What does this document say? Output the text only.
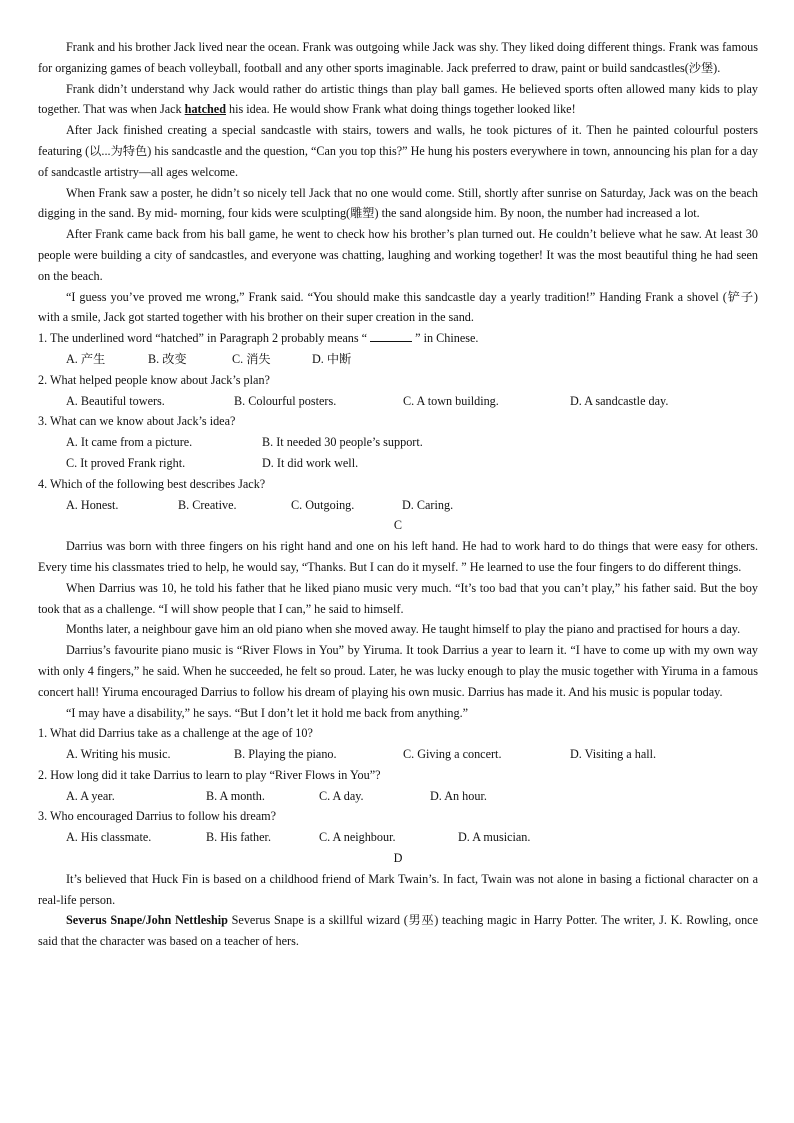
Frank and his brother Jack lived near the ocean. Frank was outgoing while Jack was shy. They liked doing different things. Frank was famous for organizing games of beach volleyball, football and any other sports imaginable. Jack preferred to draw, paint or build sandcastles(沙堡).

Frank didn’t understand why Jack would rather do artistic things than play ball games. He believed sports often allowed many kids to play together. That was when Jack hatched his idea. He would show Frank what doing things together looked like!

After Jack finished creating a special sandcastle with stairs, towers and walls, he took pictures of it. Then he painted colourful posters featuring (以...为特色) his sandcastle and the question, “Can you top this?” He hung his posters everywhere in town, announcing his plan for a day of sandcastle artistry—all ages welcome.

When Frank saw a poster, he didn’t so nicely tell Jack that no one would come. Still, shortly after sunrise on Saturday, Jack was on the beach digging in the sand. By mid- morning, four kids were sculpting(雕塑) the sand alongside him. By noon, the number had increased a lot.

After Frank came back from his ball game, he went to check how his brother’s plan turned out. He couldn’t believe what he saw. At least 30 people were building a city of sandcastles, and everyone was chatting, laughing and working together! It was the most beautiful thing he had seen on the beach.

“I guess you’ve proved me wrong,” Frank said. “You should make this sandcastle day a yearly tradition!” Handing Frank a shovel (铲子) with a smile, Jack got started together with his brother on their super creation in the sand.

1. The underlined word “hatched” in Paragraph 2 probably means “	” in Chinese.

A. 产生	B. 改变	C. 消失	D. 中断

2. What helped people know about Jack’s plan?

A. Beautiful towers.	B. Colourful posters.	C. A town building.	D. A sandcastle day.

3. What can we know about Jack’s idea?

A. It came from a picture.	B. It needed 30 people’s support.
C. It proved Frank right.	D. It did work well.

4. Which of the following best describes Jack?

A. Honest.	B. Creative.	C. Outgoing.	D. Caring.

C

Darrius was born with three fingers on his right hand and one on his left hand. He had to work hard to do things that were easy for others. Every time his classmates tried to help, he would say, “Thanks. But I can do it myself. ” He learned to use the four fingers to do different things.

When Darrius was 10, he told his father that he liked piano music very much. “It’s too bad that you can’t play,” his father said. But the boy took that as a challenge. “I will show people that I can,” he said to himself.

Months later, a neighbour gave him an old piano when she moved away. He taught himself to play the piano and practised for hours a day.

Darrius’s favourite piano music is “River Flows in You” by Yiruma. It took Darrius a year to learn it. “I have to come up with my own way with only 4 fingers,” he said. When he succeeded, he felt so proud. Later, he was lucky enough to play the music together with Yiruma in a famous concert hall! Yiruma encouraged Darrius to follow his dream of playing his own music. Darrius has made it. And his music is popular today.

“I may have a disability,” he says. “But I don’t let it hold me back from anything.”

1. What did Darrius take as a challenge at the age of 10?

A. Writing his music.	B. Playing the piano.	C. Giving a concert.	D. Visiting a hall.

2. How long did it take Darrius to learn to play “River Flows in You”?

A. A year.	B. A month.	C. A day.	D. An hour.

3. Who encouraged Darrius to follow his dream?

A. His classmate.	B. His father.	C. A neighbour.	D. A musician.

D

It’s believed that Huck Fin is based on a childhood friend of Mark Twain’s. In fact, Twain was not alone in basing a fictional character on a real-life person.

Severus Snape/John Nettleship Severus Snape is a skillful wizard (男巫) teaching magic in Harry Potter. The writer, J. K. Rowling, once said that the character was based on a teacher of hers.
